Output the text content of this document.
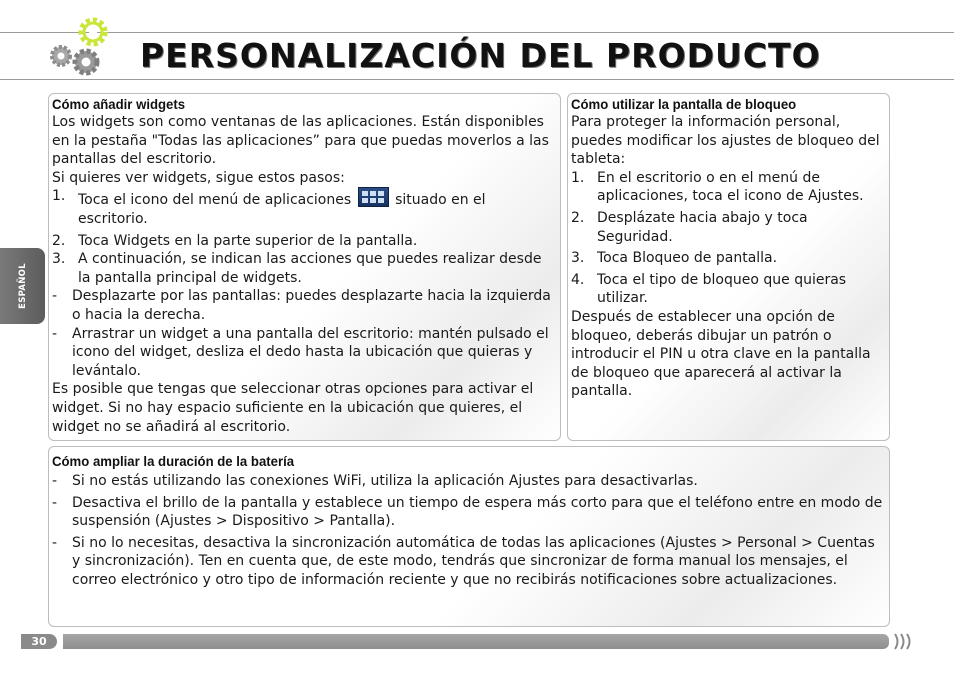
PERSONALIZACIÓN DEL PRODUCTO
ESPAÑOL
Cómo añadir widgets

Los widgets son como ventanas de las aplicaciones. Están disponibles en la pestaña "Todas las aplicaciones” para que puedas moverlos a las pantallas del escritorio.

Si quieres ver widgets, sigue estos pasos:

1. Toca el icono del menú de aplicaciones	situado en el escritorio.
2. Toca Widgets en la parte superior de la pantalla.
3. A continuación, se indican las acciones que puedes realizar desde la pantalla principal de widgets.
- Desplazarte por las pantallas: puedes desplazarte hacia la izquierda o hacia la derecha.
- Arrastrar un widget a una pantalla del escritorio: mantén pulsado el icono del widget, desliza el dedo hasta la ubicación que quieras y levántalo.

Es posible que tengas que seleccionar otras opciones para activar el widget. Si no hay espacio suficiente en la ubicación que quieres, el widget no se añadirá al escritorio.

Cómo utilizar la pantalla de bloqueo

Para proteger la información personal, puedes modificar los ajustes de bloqueo del tableta:

1. En el escritorio o en el menú de aplicaciones, toca el icono de Ajustes.
2. Desplázate hacia abajo y toca Seguridad.
3. Toca Bloqueo de pantalla.
4. Toca el tipo de bloqueo que quieras utilizar.

Después de establecer una opción de bloqueo, deberás dibujar un patrón o introducir el PIN u otra clave en la pantalla de bloqueo que aparecerá al activar la pantalla.

Cómo ampliar la duración de la batería
- Si no estás utilizando las conexiones WiFi, utiliza la aplicación Ajustes para desactivarlas.
- Desactiva el brillo de la pantalla y establece un tiempo de espera más corto para que el teléfono entre en modo de suspensión (Ajustes > Dispositivo > Pantalla).
- Si no lo necesitas, desactiva la sincronización automática de todas las aplicaciones (Ajustes > Personal > Cuentas y sincronización). Ten en cuenta que, de este modo, tendrás que sincronizar de forma manual los mensajes, el correo electrónico y otro tipo de información reciente y que no recibirás notificaciones sobre actualizaciones.
30
